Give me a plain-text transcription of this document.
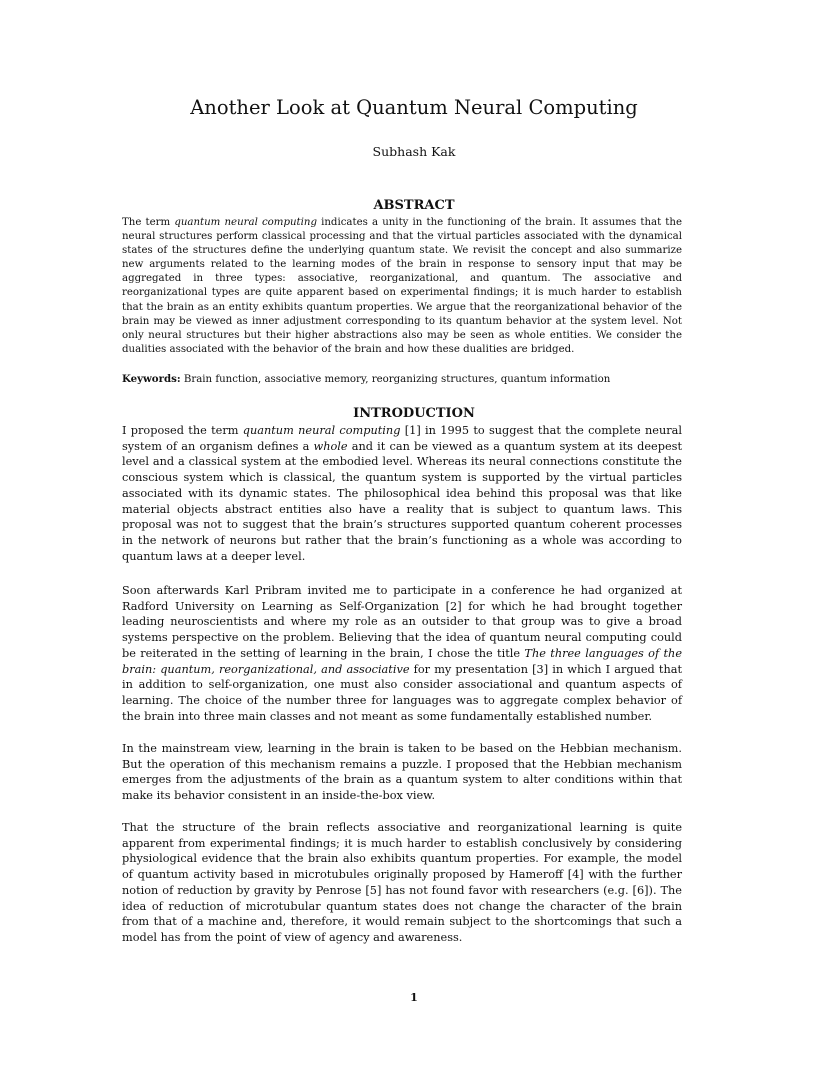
Another Look at Quantum Neural Computing
Subhash Kak
ABSTRACT

The term quantum neural computing indicates a unity in the functioning of the brain. It assumes that the neural structures perform classical processing and that the virtual particles associated with the dynamical states of the structures define the underlying quantum state. We revisit the concept and also summarize new arguments related to the learning modes of the brain in response to sensory input that may be aggregated in three types: associative, reorganizational, and quantum. The associative and reorganizational types are quite apparent based on experimental findings; it is much harder to establish that the brain as an entity exhibits quantum properties. We argue that the reorganizational behavior of the brain may be viewed as inner adjustment corresponding to its quantum behavior at the system level. Not only neural structures but their higher abstractions also may be seen as whole entities. We consider the dualities associated with the behavior of the brain and how these dualities are bridged.

Keywords: Brain function, associative memory, reorganizing structures, quantum information

INTRODUCTION

I proposed the term quantum neural computing [1] in 1995 to suggest that the complete neural system of an organism defines a whole and it can be viewed as a quantum system at its deepest level and a classical system at the embodied level. Whereas its neural connections constitute the conscious system which is classical, the quantum system is supported by the virtual particles associated with its dynamic states. The philosophical idea behind this proposal was that like material objects abstract entities also have a reality that is subject to quantum laws. This proposal was not to suggest that the brain’s structures supported quantum coherent processes in the network of neurons but rather that the brain’s functioning as a whole was according to quantum laws at a deeper level.

Soon afterwards Karl Pribram invited me to participate in a conference he had organized at Radford University on Learning as Self-Organization [2] for which he had brought together leading neuroscientists and where my role as an outsider to that group was to give a broad systems perspective on the problem. Believing that the idea of quantum neural computing could be reiterated in the setting of learning in the brain, I chose the title The three languages of the brain: quantum, reorganizational, and associative for my presentation [3] in which I argued that in addition to self-organization, one must also consider associational and quantum aspects of learning. The choice of the number three for languages was to aggregate complex behavior of the brain into three main classes and not meant as some fundamentally established number.

In the mainstream view, learning in the brain is taken to be based on the Hebbian mechanism. But the operation of this mechanism remains a puzzle. I proposed that the Hebbian mechanism emerges from the adjustments of the brain as a quantum system to alter conditions within that make its behavior consistent in an inside-the-box view.

That the structure of the brain reflects associative and reorganizational learning is quite apparent from experimental findings; it is much harder to establish conclusively by considering physiological evidence that the brain also exhibits quantum properties. For example, the model of quantum activity based in microtubules originally proposed by Hameroff [4] with the further notion of reduction by gravity by Penrose [5] has not found favor with researchers (e.g. [6]). The idea of reduction of microtubular quantum states does not change the character of the brain from that of a machine and, therefore, it would remain subject to the shortcomings that such a model has from the point of view of agency and awareness.

1
